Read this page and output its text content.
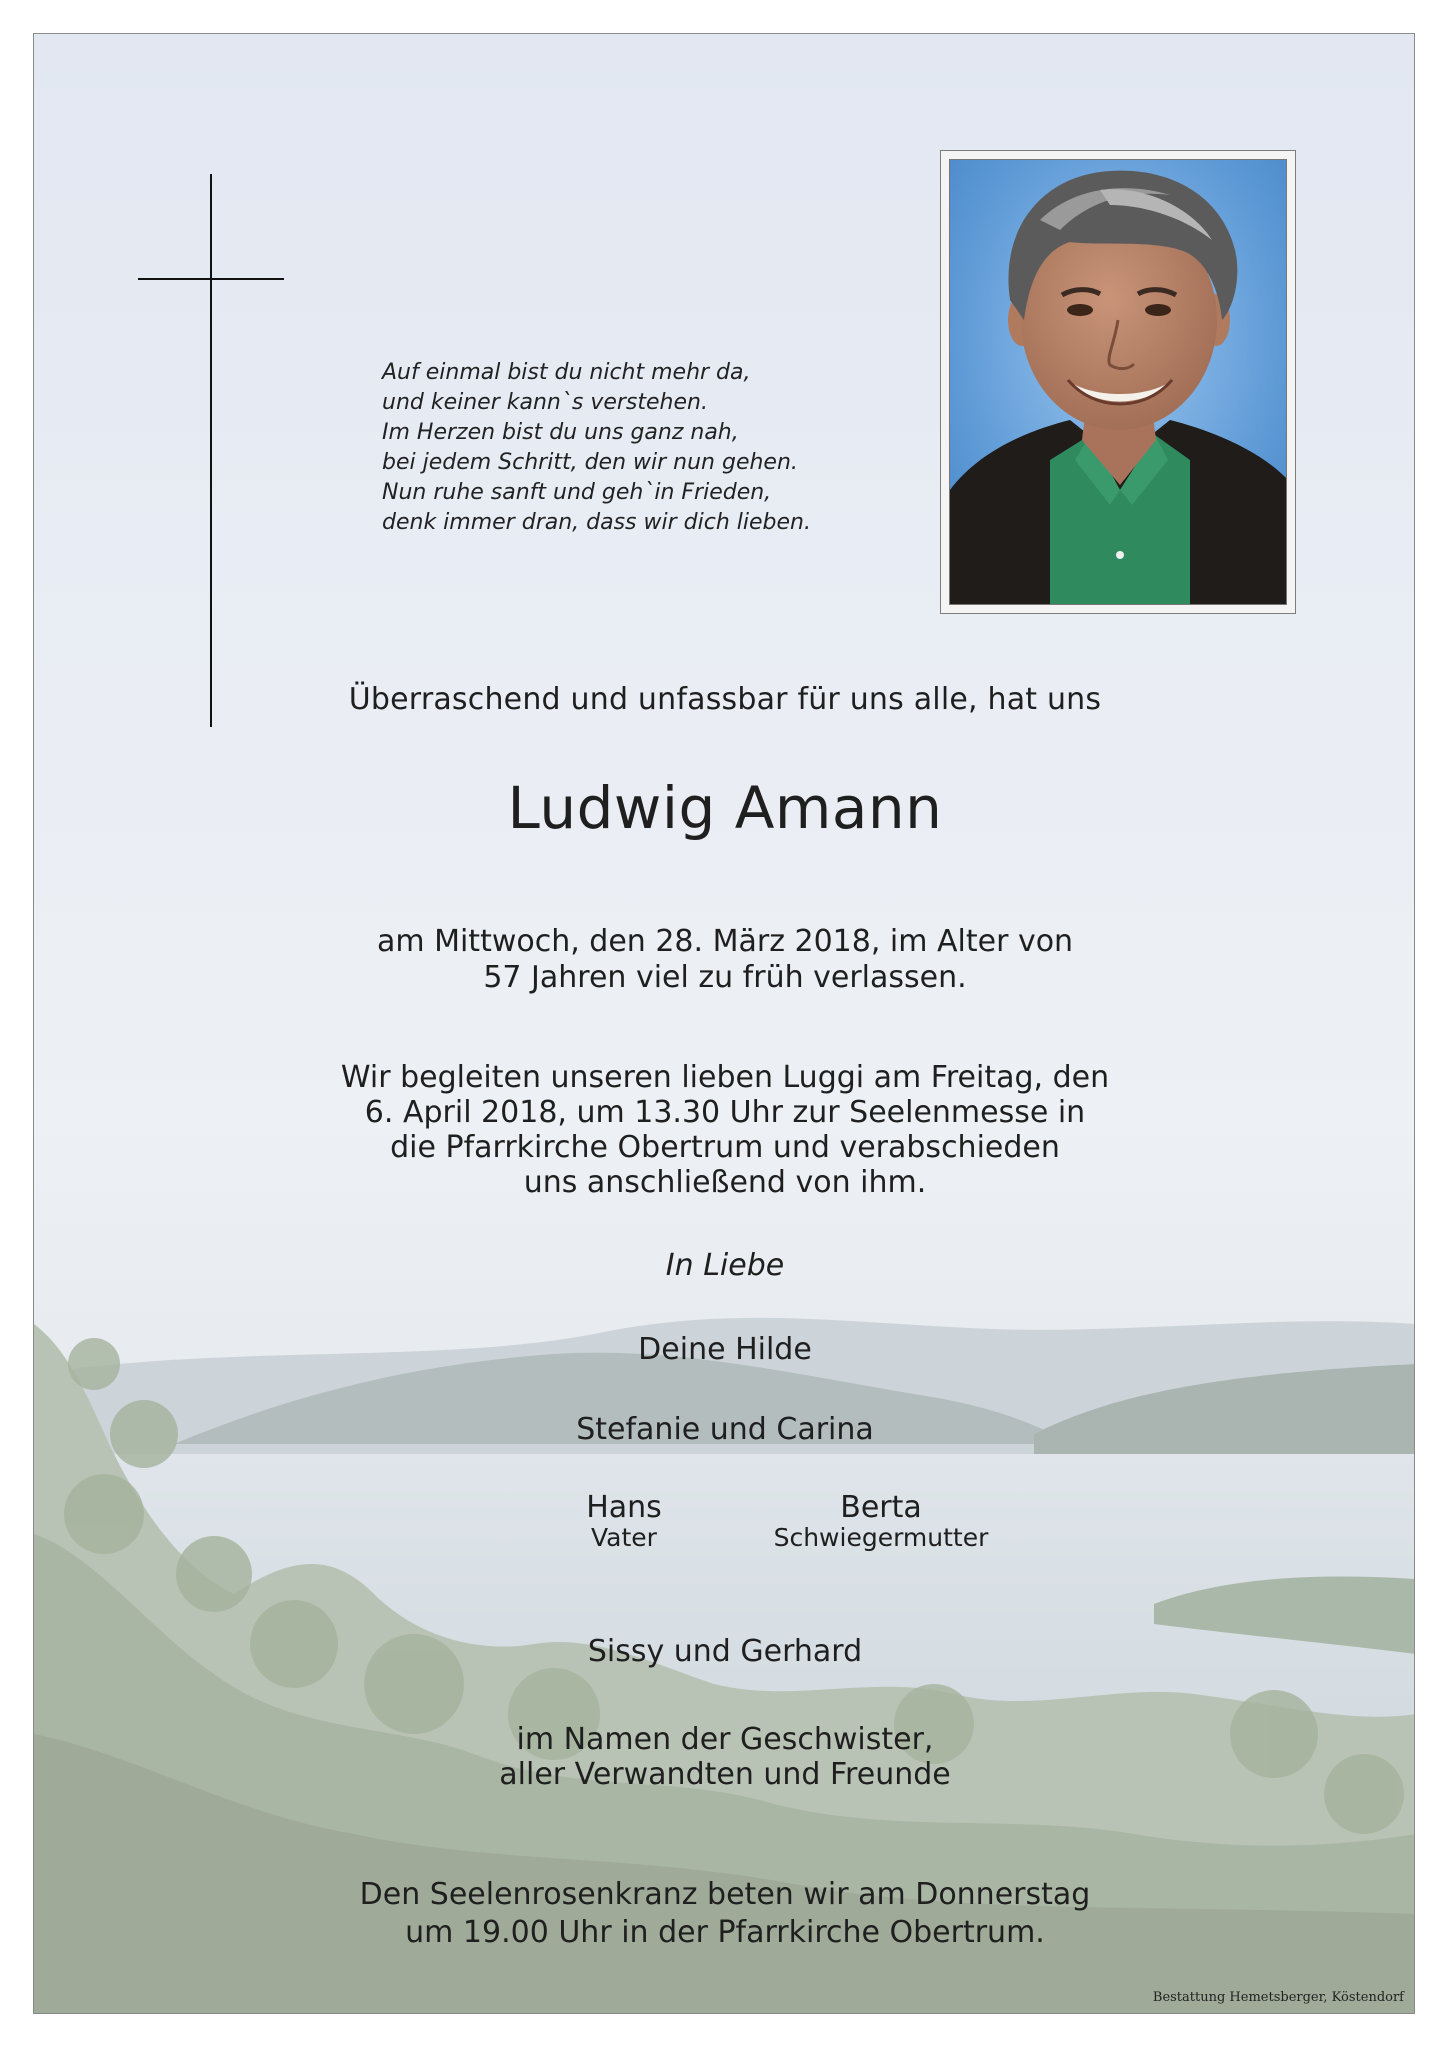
Auf einmal bist du nicht mehr da,
und keiner kann`s verstehen.
Im Herzen bist du uns ganz nah,
bei jedem Schritt, den wir nun gehen.
Nun ruhe sanft und geh`in Frieden,
denk immer dran, dass wir dich lieben.
Überraschend und unfassbar für uns alle, hat uns
Ludwig Amann
am Mittwoch, den 28. März 2018, im Alter von
57 Jahren viel zu früh verlassen.
Wir begleiten unseren lieben Luggi am Freitag, den
6. April 2018, um 13.30 Uhr zur Seelenmesse in
die Pfarrkirche Obertrum und verabschieden
uns anschließend von ihm.
In Liebe
Deine Hilde
Stefanie und Carina
Hans
Vater
Berta
Schwiegermutter
Sissy und Gerhard
im Namen der Geschwister,
aller Verwandten und Freunde
Den Seelenrosenkranz beten wir am Donnerstag
um 19.00 Uhr in der Pfarrkirche Obertrum.
Bestattung Hemetsberger, Köstendorf
